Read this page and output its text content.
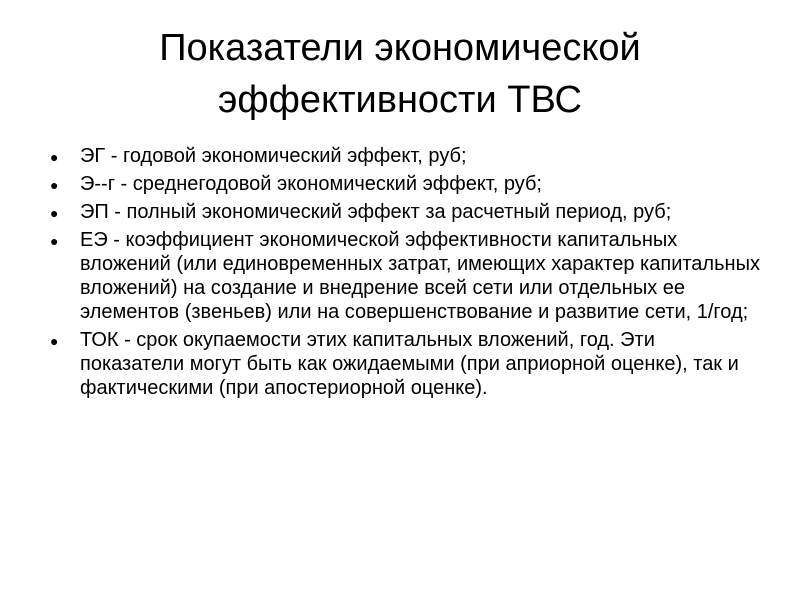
Показатели экономической
эффективности ТВС
● ЭГ - годовой экономический эффект, руб;
● Э--г - среднегодовой экономический эффект, руб;
● ЭП - полный экономический эффект за расчетный период, руб;
● ЕЭ - коэффициент экономической эффективности капитальных вложений (или единовременных затрат, имеющих характер капитальных вложений) на создание и внедрение всей сети или отдельных ее элементов (звеньев) или на совершенствование и развитие сети, 1/год;
● ТОК - срок окупаемости этих капитальных вложений, год. Эти показатели могут быть как ожидаемыми (при априорной оценке), так и фактическими (при апостериорной оценке).
